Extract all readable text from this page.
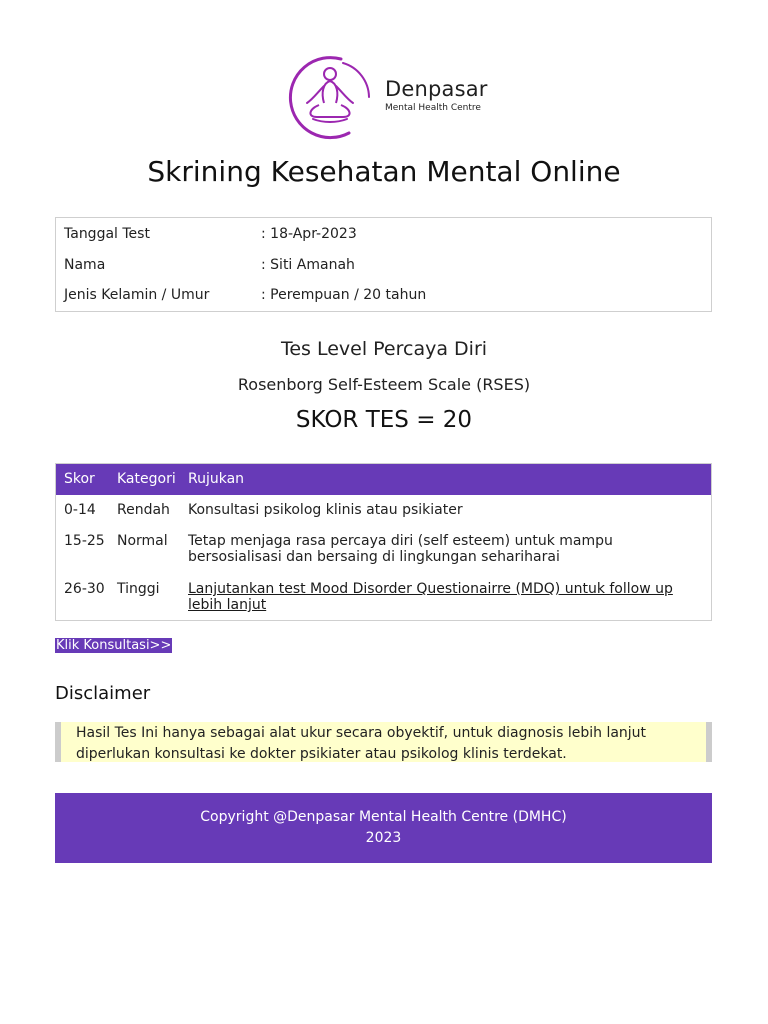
Denpasar
Mental Health Centre
Skrining Kesehatan Mental Online
Tanggal Test	: 18-Apr-2023
Nama	: Siti Amanah
Jenis Kelamin / Umur	: Perempuan / 20 tahun
Tes Level Percaya Diri
Rosenborg Self-Esteem Scale (RSES)
SKOR TES = 20
Skor Kategori Rujukan
0-14 Rendah Konsultasi psikolog klinis atau psikiater
15-25 Normal Tetap menjaga rasa percaya diri (self esteem) untuk mampu bersosialisasi dan bersaing di lingkungan sehariharai
26-30 Tinggi Lanjutankan test Mood Disorder Questionairre (MDQ) untuk follow up lebih lanjut
Klik Konsultasi>>
Disclaimer
Hasil Tes Ini hanya sebagai alat ukur secara obyektif, untuk diagnosis lebih lanjut diperlukan konsultasi ke dokter psikiater atau psikolog klinis terdekat.
Copyright @Denpasar Mental Health Centre (DMHC)
2023
